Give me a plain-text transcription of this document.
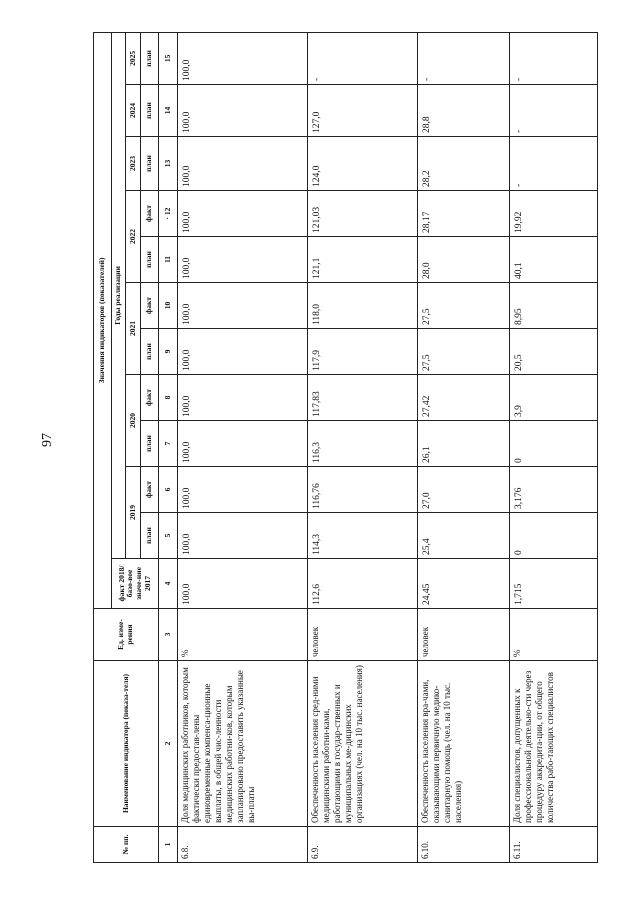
97
№ пп.	Наименование индикатора (показа-теля)	Ед. изме-рения	Значения индикаторов (показателей)											
			факт 2018/базо-вое значе-ние 2017	Годы реализации										
				2019		2020		2021		2022		2023	2024	2025
				план	факт	план	факт	план	факт	план	факт	план	план	план
1	2	3	4	5	6	7	8	9	10	11	· 12	13	14	15
6.8.	Доля медицинских работников, которым фактически предостав-лены единовременные компенса-ционные выплаты, в общей чис-ленности медицинских работни-ков, которым запланировано предоставить указанные вы-платы	%	100,0	100,0	100,0	100,0	100,0	100,0	100,0	100,0	100,0	100,0	100,0	100,0
6.9.	Обеспеченность населения сред-ними медицинскими работни-ками, работающими в государ-ственных и муниципальных ме-дицинских организациях (чел. на 10 тыс. населения)	человек	112,6	114,3	116,76	116,3	117,83	117,9	118,0	121,1	121,03	124,0	127,0	-
6.10.	Обеспеченность населения вра-чами, оказывающими первичную медико-санитарную помощь (чел. на 10 тыс. населения)	человек	24,45	25,4	27,0	26,1	27,42	27,5	27,5	28,0	28,17	28,2	28,8	-
6.11.	Доля специалистов, допущенных к профессиональной деятельно-сти через процедуру аккредита-ции, от общего количества рабо-тающих специалистов	%	1,715	0	3,176	0	3,9	20,5	8,95	40,1	19,92	-	-	-
